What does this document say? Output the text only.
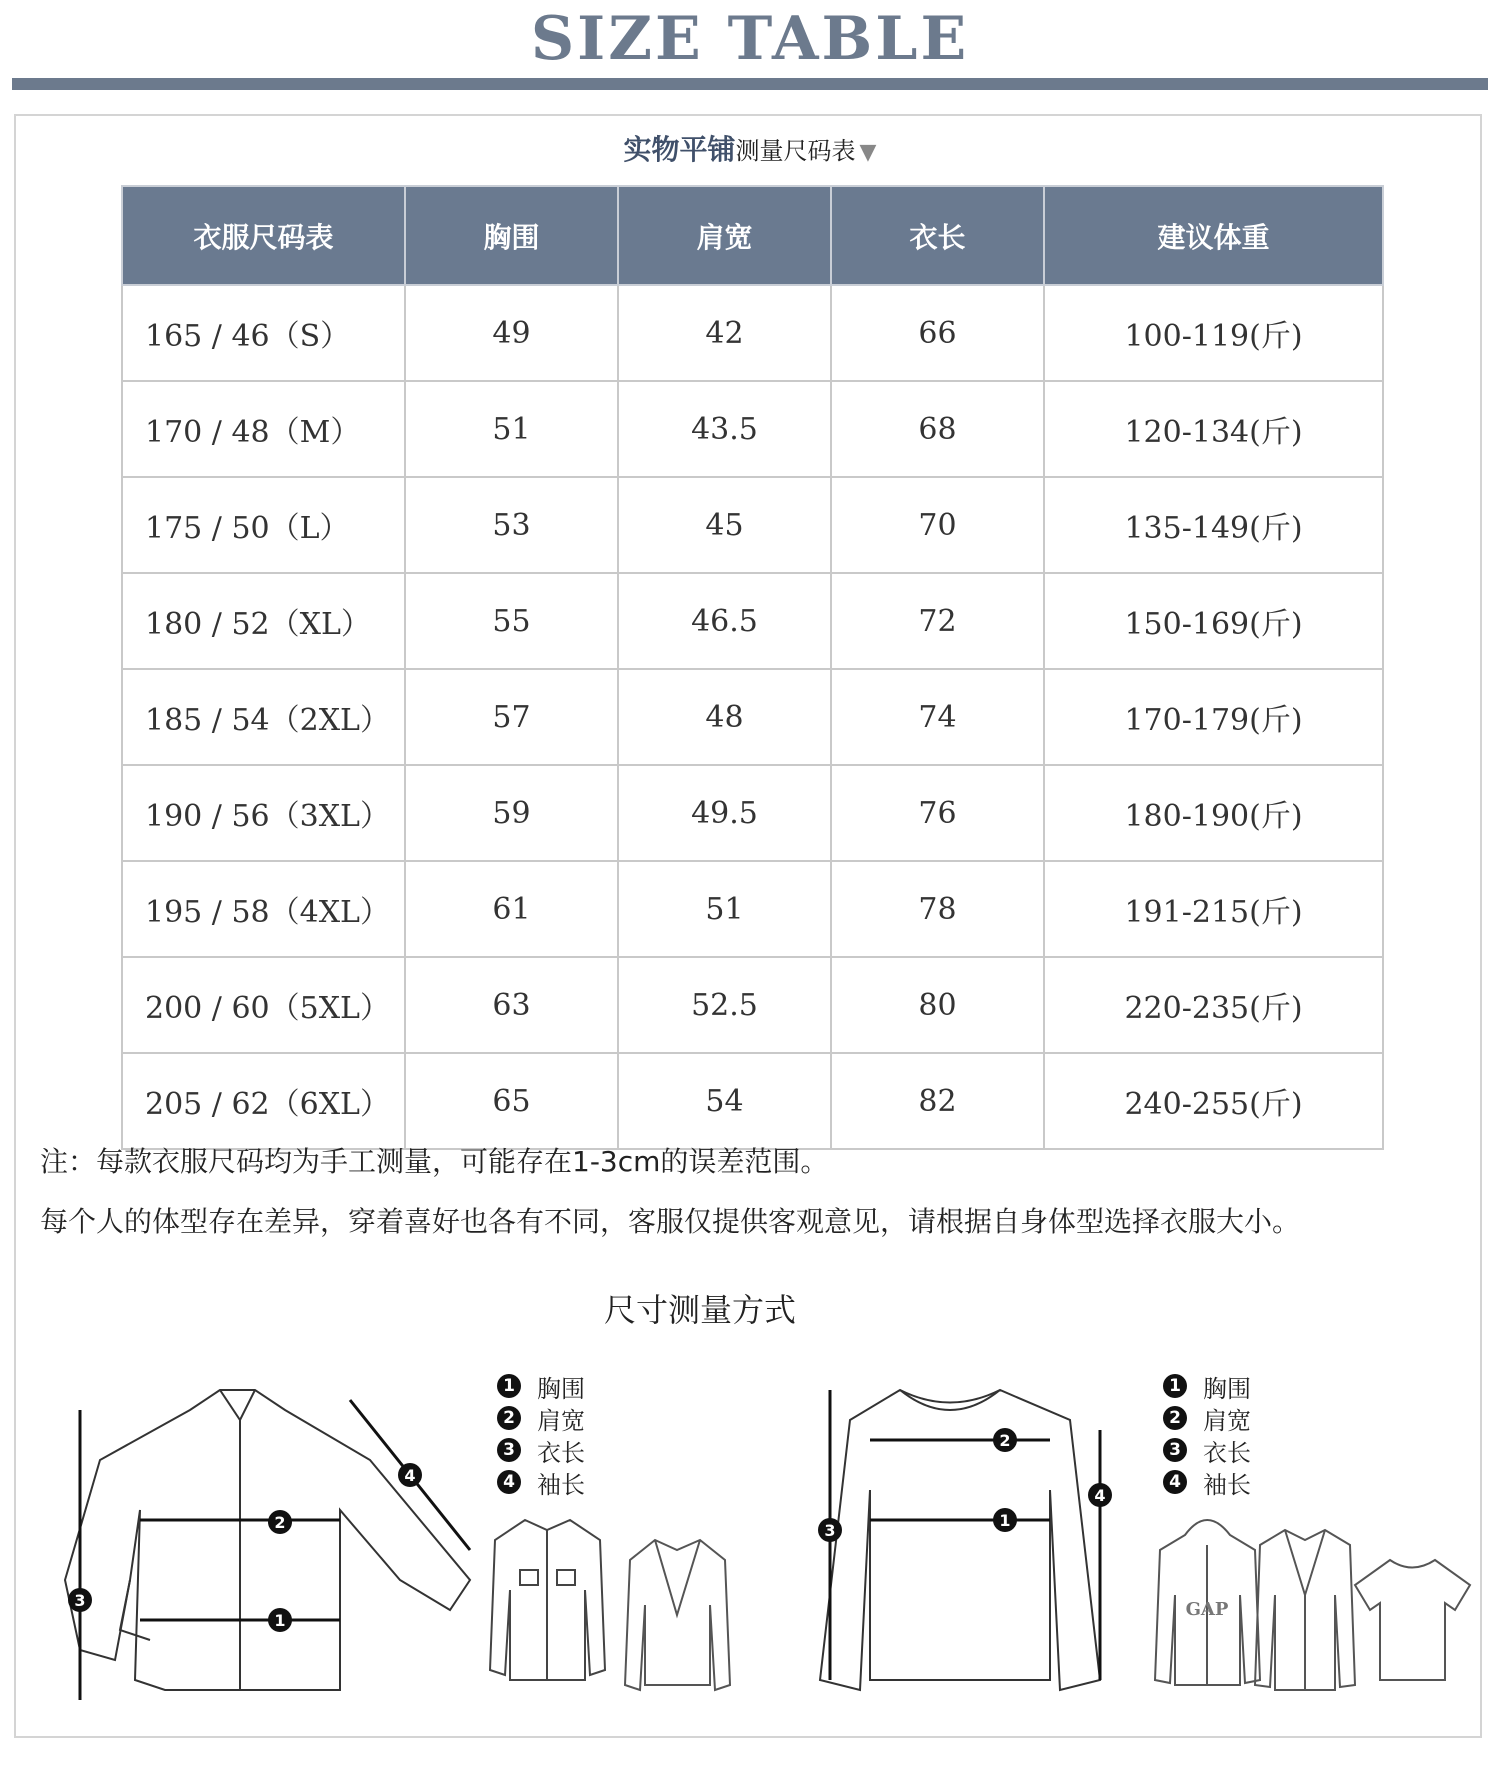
SIZE TABLE
实物平铺测量尺码表 ▼
衣服尺码表	胸围	肩宽	衣长	建议体重
165 / 46（S）	49	42	66	100-119(斤)
170 / 48（M）	51	43.5	68	120-134(斤)
175 / 50（L）	53	45	70	135-149(斤)
180 / 52（XL）	55	46.5	72	150-169(斤)
185 / 54（2XL）	57	48	74	170-179(斤)
190 / 56（3XL）	59	49.5	76	180-190(斤)
195 / 58（4XL）	61	51	78	191-215(斤)
200 / 60（5XL）	63	52.5	80	220-235(斤)
205 / 62（6XL）	65	54	82	240-255(斤)
注：每款衣服尺码均为手工测量，可能存在1-3cm的误差范围。
每个人的体型存在差异，穿着喜好也各有不同，客服仅提供客观意见，请根据自身体型选择衣服大小。
尺寸测量方式
2
1
3
4
1 胸围
2 肩宽
3 衣长
4 袖长
2
1
3
4
1 胸围
2 肩宽
3 衣长
4 袖长
GAP
